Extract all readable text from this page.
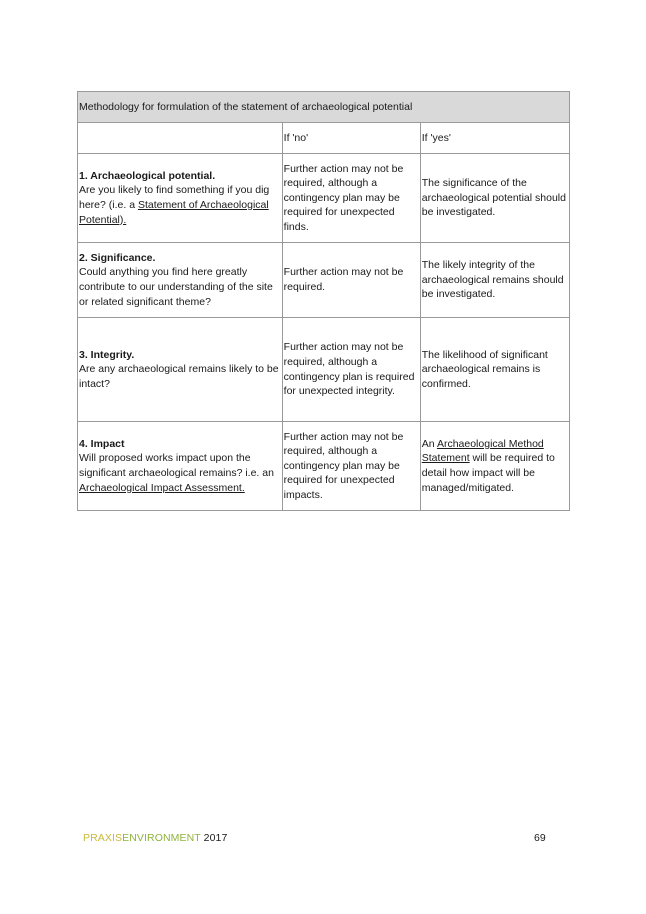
Methodology for formulation of the statement of archaeological potential		
	If 'no'	If 'yes'

1. Archaeological potential.
Are you likely to find something if you dig here? (i.e. a Statement of Archaeological Potential).	Further action may not be required, although a contingency plan may be required for unexpected finds.	The significance of the archaeological potential should be investigated.

2. Significance.
Could anything you find here greatly contribute to our understanding of the site or related significant theme?	Further action may not be required.	The likely integrity of the archaeological remains should be investigated.

3. Integrity.
Are any archaeological remains likely to be intact?	Further action may not be required, although a contingency plan is required for unexpected integrity.	The likelihood of significant archaeological remains is confirmed.

4. Impact
Will proposed works impact upon the significant archaeological remains? i.e. an Archaeological Impact Assessment.	Further action may not be required, although a contingency plan may be required for unexpected impacts.	An Archaeological Method Statement will be required to detail how impact will be managed/mitigated.
PRAXISENVIRONMENT 2017	69
